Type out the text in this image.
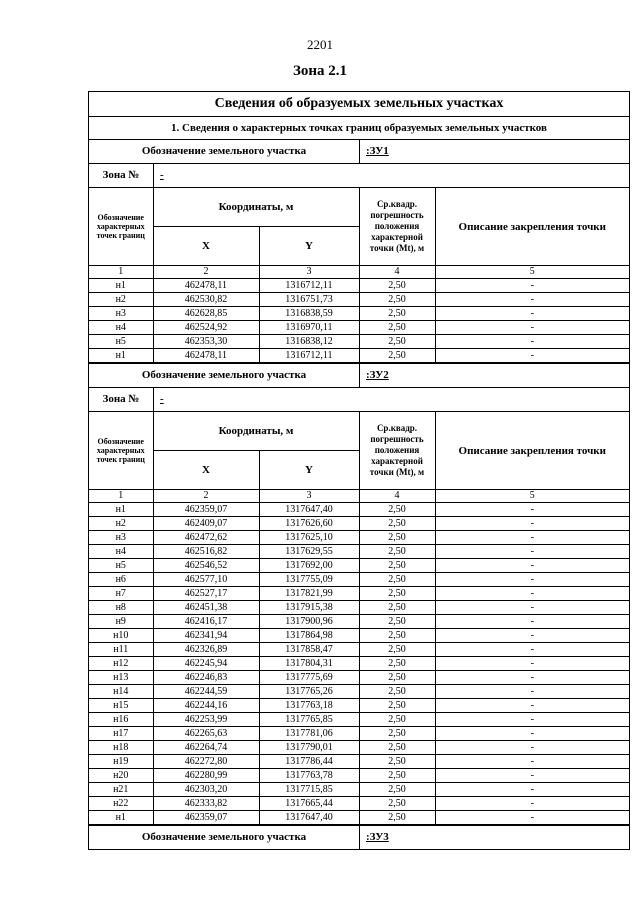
2201
Зона 2.1
Сведения об образуемых земельных участках
1. Сведения о характерных точках границ образуемых земельных участков
Обозначение земельного участка	:ЗУ1
Зона №	-
Обозначение характерных точек границ	Координаты, м		Ср.квадр. погрешность положения характерной точки (Mt), м	Описание закрепления точки
	X	Y		
1	2	3	4	5
н1	462478,11	1316712,11	2,50	-
н2	462530,82	1316751,73	2,50	-
н3	462628,85	1316838,59	2,50	-
н4	462524,92	1316970,11	2,50	-
н5	462353,30	1316838,12	2,50	-
н1	462478,11	1316712,11	2,50	-
Обозначение земельного участка	:ЗУ2
Зона №	-
Обозначение характерных точек границ	Координаты, м		Ср.квадр. погрешность положения характерной точки (Mt), м	Описание закрепления точки
	X	Y		
1	2	3	4	5
н1	462359,07	1317647,40	2,50	-
н2	462409,07	1317626,60	2,50	-
н3	462472,62	1317625,10	2,50	-
н4	462516,82	1317629,55	2,50	-
н5	462546,52	1317692,00	2,50	-
н6	462577,10	1317755,09	2,50	-
н7	462527,17	1317821,99	2,50	-
н8	462451,38	1317915,38	2,50	-
н9	462416,17	1317900,96	2,50	-
н10	462341,94	1317864,98	2,50	-
н11	462326,89	1317858,47	2,50	-
н12	462245,94	1317804,31	2,50	-
н13	462246,83	1317775,69	2,50	-
н14	462244,59	1317765,26	2,50	-
н15	462244,16	1317763,18	2,50	-
н16	462253,99	1317765,85	2,50	-
н17	462265,63	1317781,06	2,50	-
н18	462264,74	1317790,01	2,50	-
н19	462272,80	1317786,44	2,50	-
н20	462280,99	1317763,78	2,50	-
н21	462303,20	1317715,85	2,50	-
н22	462333,82	1317665,44	2,50	-
н1	462359,07	1317647,40	2,50	-
Обозначение земельного участка	:ЗУ3
